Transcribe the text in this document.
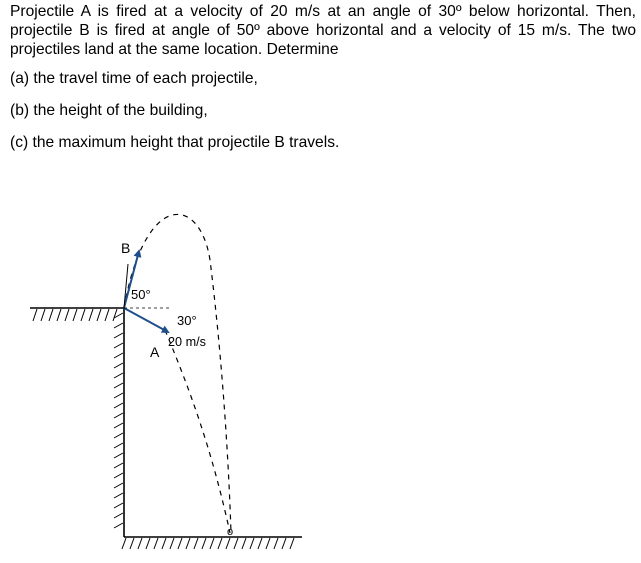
Projectile A is fired at a velocity of 20 m/s at an angle of 30º below horizontal. Then, projectile B is fired at angle of 50º above horizontal and a velocity of 15 m/s. The two projectiles land at the same location. Determine

(a) the travel time of each projectile,

(b) the height of the building,

(c) the maximum height that projectile B travels.

B
50°
30°
A
20 m/s
o
